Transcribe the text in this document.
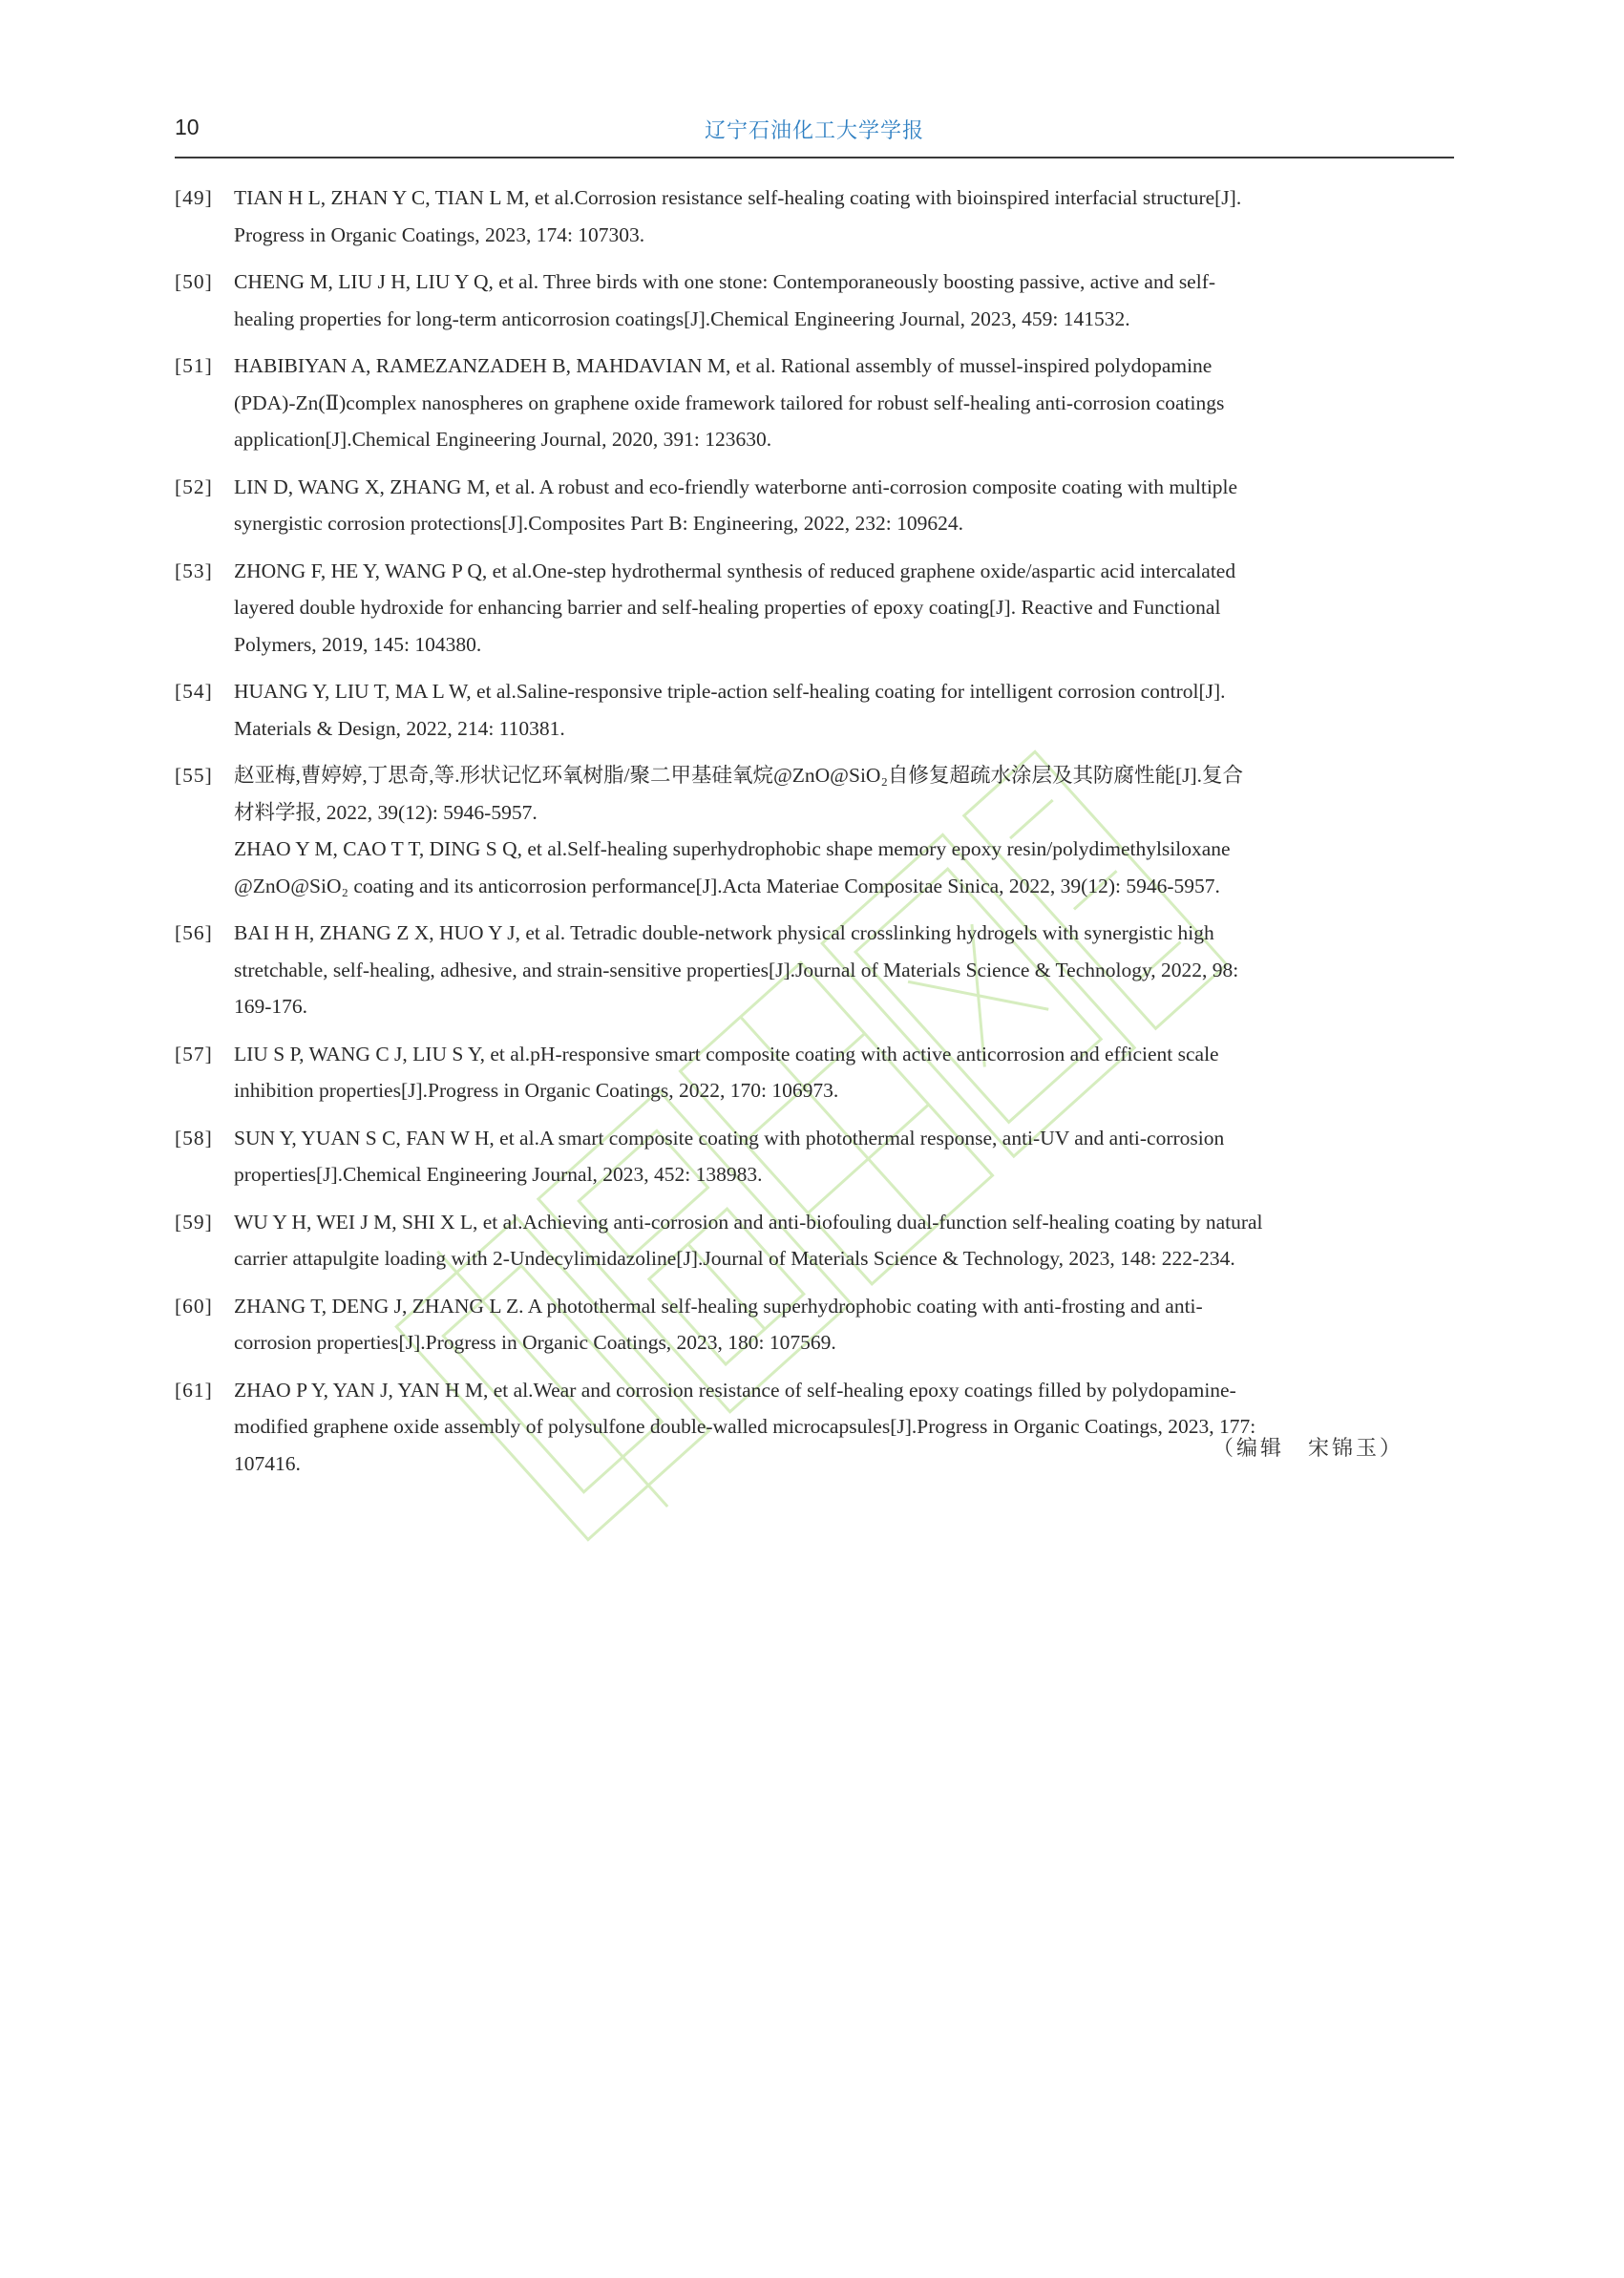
10	辽宁石油化工大学学报
[49] TIAN H L, ZHAN Y C, TIAN L M, et al.Corrosion resistance self-healing coating with bioinspired interfacial structure[J].
Progress in Organic Coatings, 2023, 174: 107303.
[50] CHENG M, LIU J H, LIU Y Q, et al. Three birds with one stone: Contemporaneously boosting passive, active and self-
healing properties for long-term anticorrosion coatings[J].Chemical Engineering Journal, 2023, 459: 141532.
[51] HABIBIYAN A, RAMEZANZADEH B, MAHDAVIAN M, et al. Rational assembly of mussel-inspired polydopamine
(PDA)-Zn(Ⅱ)complex nanospheres on graphene oxide framework tailored for robust self-healing anti-corrosion coatings
application[J].Chemical Engineering Journal, 2020, 391: 123630.
[52] LIN D, WANG X, ZHANG M, et al. A robust and eco-friendly waterborne anti-corrosion composite coating with multiple
synergistic corrosion protections[J].Composites Part B: Engineering, 2022, 232: 109624.
[53] ZHONG F, HE Y, WANG P Q, et al.One-step hydrothermal synthesis of reduced graphene oxide/aspartic acid intercalated
layered double hydroxide for enhancing barrier and self-healing properties of epoxy coating[J]. Reactive and Functional
Polymers, 2019, 145: 104380.
[54] HUANG Y, LIU T, MA L W, et al.Saline-responsive triple-action self-healing coating for intelligent corrosion control[J].
Materials & Design, 2022, 214: 110381.
[55] 赵亚梅,曹婷婷,丁思奇,等.形状记忆环氧树脂/聚二甲基硅氧烷@ZnO@SiO₂自修复超疏水涂层及其防腐性能[J].复合
材料学报, 2022, 39(12): 5946-5957.
ZHAO Y M, CAO T T, DING S Q, et al.Self-healing superhydrophobic shape memory epoxy resin/polydimethylsiloxane
@ZnO@SiO₂ coating and its anticorrosion performance[J].Acta Materiae Compositae Sinica, 2022, 39(12): 5946-5957.
[56] BAI H H, ZHANG Z X, HUO Y J, et al. Tetradic double-network physical crosslinking hydrogels with synergistic high
stretchable, self-healing, adhesive, and strain-sensitive properties[J].Journal of Materials Science & Technology, 2022, 98:
169-176.
[57] LIU S P, WANG C J, LIU S Y, et al.pH-responsive smart composite coating with active anticorrosion and efficient scale
inhibition properties[J].Progress in Organic Coatings, 2022, 170: 106973.
[58] SUN Y, YUAN S C, FAN W H, et al.A smart composite coating with photothermal response, anti-UV and anti-corrosion
properties[J].Chemical Engineering Journal, 2023, 452: 138983.
[59] WU Y H, WEI J M, SHI X L, et al.Achieving anti-corrosion and anti-biofouling dual-function self-healing coating by natural
carrier attapulgite loading with 2-Undecylimidazoline[J].Journal of Materials Science & Technology, 2023, 148: 222-234.
[60] ZHANG T, DENG J, ZHANG L Z. A photothermal self-healing superhydrophobic coating with anti-frosting and anti-
corrosion properties[J].Progress in Organic Coatings, 2023, 180: 107569.
[61] ZHAO P Y, YAN J, YAN H M, et al.Wear and corrosion resistance of self-healing epoxy coatings filled by polydopamine-
modified graphene oxide assembly of polysulfone double-walled microcapsules[J].Progress in Organic Coatings, 2023, 177:
107416.
（编辑　宋锦玉）
